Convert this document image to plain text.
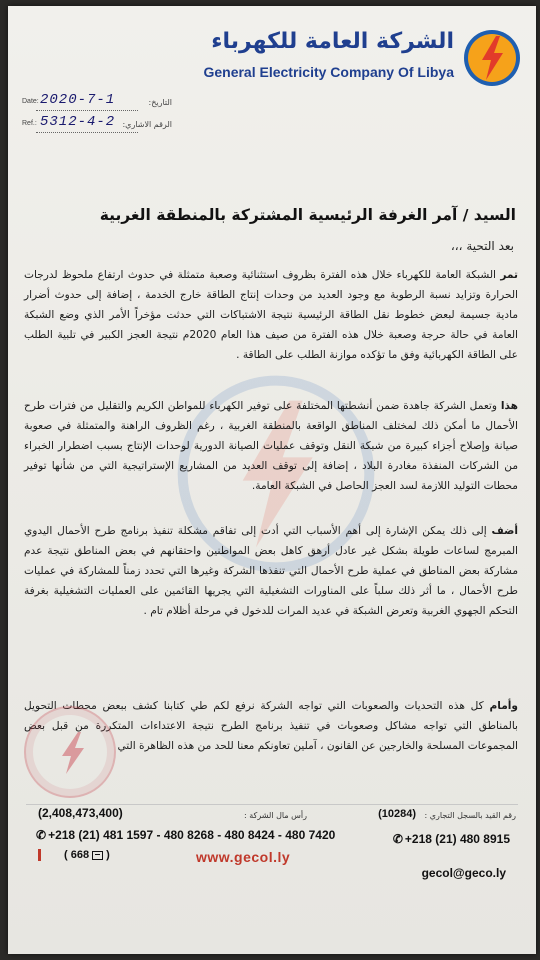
الشركة العامة للكهرباء
General Electricity Company Of Libya
Date: 2020-7-1	التاريخ:
Ref.: 5312-4-2 الرقم الاشاري:
السيد / آمر الغرفة الرئيسية المشتركة بالمنطقة الغربية
بعد التحية ،،،

تمر الشبكة العامة للكهرباء خلال هذه الفترة بظروف استثنائية وصعبة متمثلة في حدوث ارتفاع ملحوظ لدرجات الحرارة وتزايد نسبة الرطوبة مع وجود العديد من وحدات إنتاج الطاقة خارج الخدمة ، إضافة إلى حدوث أضرار مادية جسيمة لبعض خطوط نقل الطاقة الرئيسية نتيجة الاشتباكات التي حدثت مؤخراً الأمر الذي وضع الشبكة العامة في حالة حرجة وصعبة خلال هذه الفترة من صيف هذا العام 2020م نتيجة العجز الكبير في تلبية الطلب على الطاقة الكهربائية وفق ما تؤكده موازنة الطلب على الطاقة .

هذا وتعمل الشركة جاهدة ضمن أنشطتها المختلفة على توفير الكهرباء للمواطن الكريم والتقليل من فترات طرح الأحمال ما أمكن ذلك لمختلف المناطق الواقعة بالمنطقة الغربية ، رغم الظروف الراهنة والمتمثلة في صعوبة صيانة وإصلاح أجزاء كبيرة من شبكة النقل وتوقف عمليات الصيانة الدورية لوحدات الإنتاج بسبب اضطرار الخبراء من الشركات المنفذة مغادرة البلاد ، إضافة إلى توقف العديد من المشاريع الإستراتيجية التي من شأنها توفير محطات التوليد اللازمة لسد العجز الحاصل في الشبكة العامة.

أضف إلى ذلك يمكن الإشارة إلى أهم الأسباب التي أدت إلى تفاقم مشكلة تنفيذ برنامج طرح الأحمال اليدوي المبرمج لساعات طويلة بشكل غير عادل أرهق كاهل بعض المواطنين واحتقانهم في بعض المناطق نتيجة عدم مشاركة بعض المناطق في عملية طرح الأحمال التي تنفذها الشركة وغيرها التي تحدد زمناً للمشاركة في عمليات طرح الأحمال ، ما أثر ذلك سلباً على المناورات التشغيلية التي يجريها القائمين على العمليات التشغيلية بغرفة التحكم الجهوي الغربية وتعرض الشبكة في عديد المرات للدخول في مرحلة أظلام تام .

وأمام كل هذه التحديات والصعوبات التي تواجه الشركة نرفع لكم طي كتابنا كشف ببعض محطات التحويل بالمناطق التي تواجه مشاكل وصعوبات في تنفيذ برنامج الطرح نتيجة الاعتداءات المتكررة من قبل بعض المجموعات المسلحة والخارجين عن القانون ، آملين تعاونكم معنا للحد من هذه الظاهرة التي

(2,408,473,400)	رأس مال الشركة :
✆ +218 (21) 481 1597 - 480 8268 - 480 8424 - 480 7420
( 668 )
رقم القيد بالسجل التجاري :
(10284)
✆ +218 (21) 480 8915
www.gecol.ly
gecol@geco.ly
